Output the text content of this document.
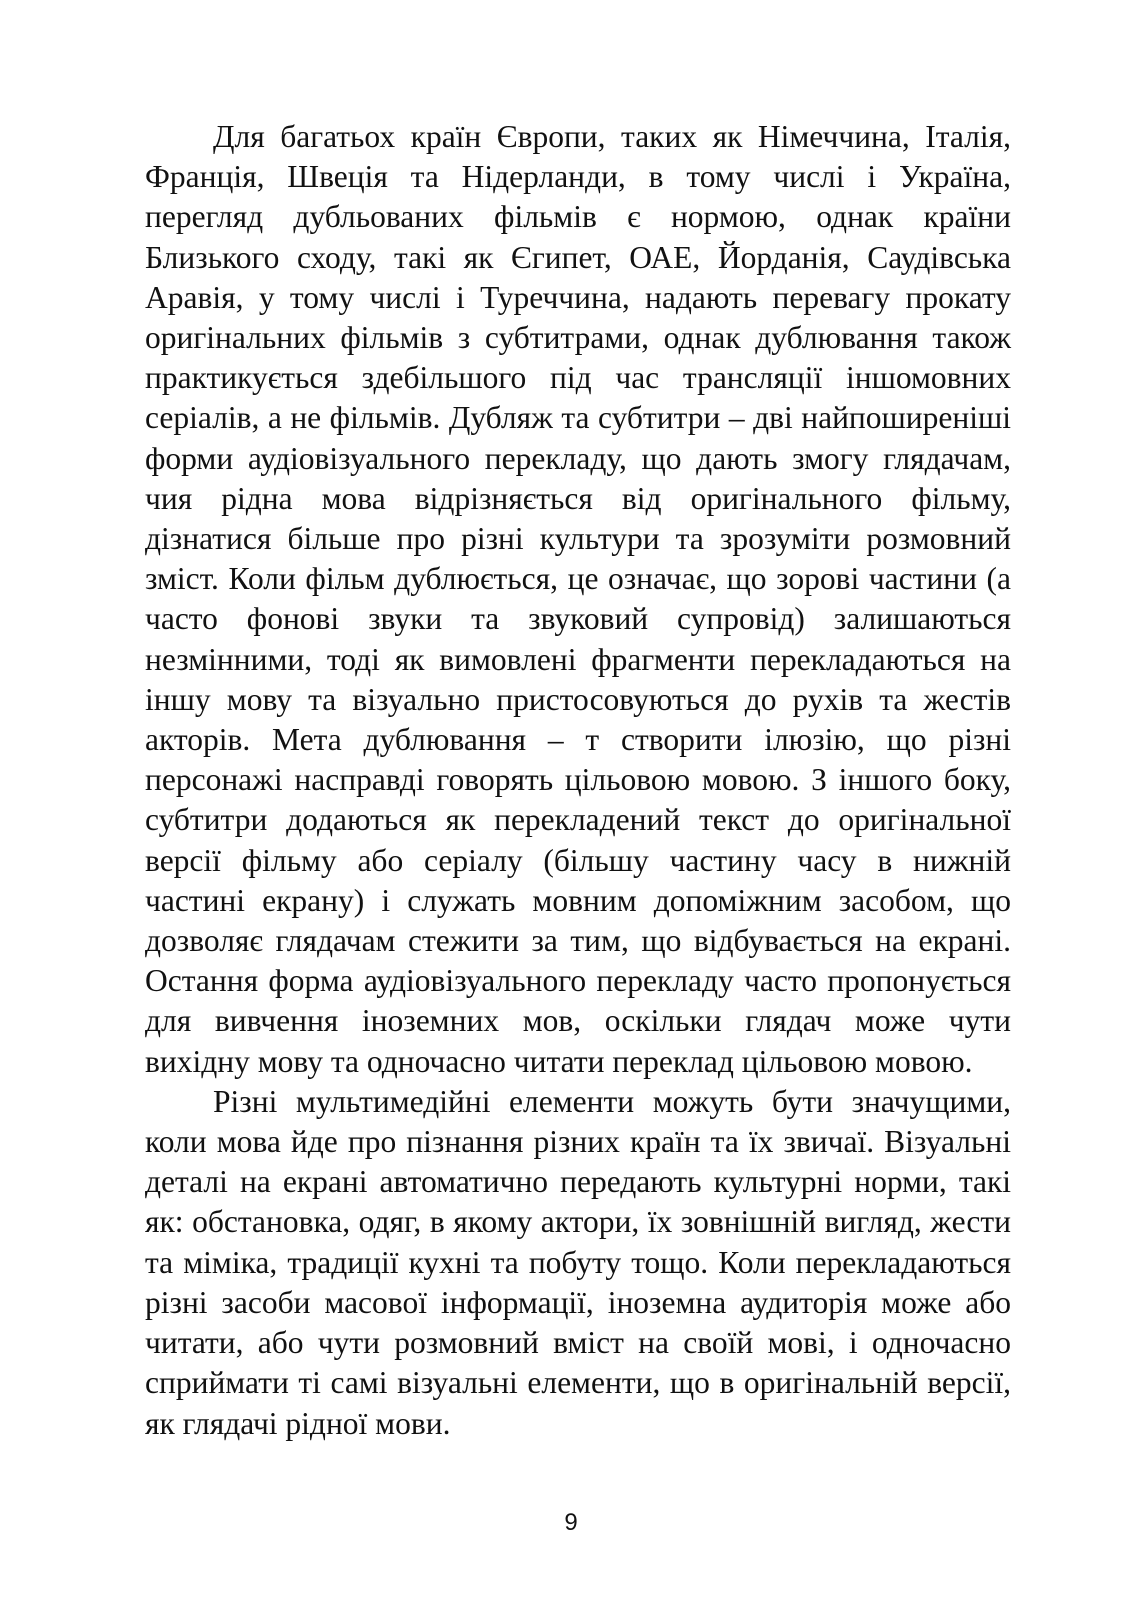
Для багатьох країн Європи, таких як Німеччина, Італія, Франція, Швеція та Нідерланди, в тому числі і Україна, перегляд дубльованих фільмів є нормою, однак країни Близького сходу, такі як Єгипет, ОАЕ, Йорданія, Саудівська Аравія, у тому числі і Туреччина, надають перевагу прокату оригінальних фільмів з субтитрами, однак дублювання також практикується здебільшого під час трансляції іншомовних серіалів, а не фільмів. Дубляж та субтитри – дві найпоширеніші форми аудіовізуального перекладу, що дають змогу глядачам, чия рідна мова відрізняється від оригінального фільму, дізнатися більше про різні культури та зрозуміти розмовний зміст. Коли фільм дублюється, це означає, що зорові частини (а часто фонові звуки та звуковий супровід) залишаються незмінними, тоді як вимовлені фрагменти перекладаються на іншу мову та візуально пристосовуються до рухів та жестів акторів. Мета дублювання – т створити ілюзію, що різні персонажі насправді говорять цільовою мовою. З іншого боку, субтитри додаються як перекладений текст до оригінальної версії фільму або серіалу (більшу частину часу в нижній частині екрану) і служать мовним допоміжним засобом, що дозволяє глядачам стежити за тим, що відбувається на екрані. Остання форма аудіовізуального перекладу часто пропонується для вивчення іноземних мов, оскільки глядач може чути вихідну мову та одночасно читати переклад цільовою мовою.

Різні мультимедійні елементи можуть бути значущими, коли мова йде про пізнання різних країн та їх звичаї. Візуальні деталі на екрані автоматично передають культурні норми, такі як: обстановка, одяг, в якому актори, їх зовнішній вигляд, жести та міміка, традиції кухні та побуту тощо. Коли перекладаються різні засоби масової інформації, іноземна аудиторія може або читати, або чути розмовний вміст на своїй мові, і одночасно сприймати ті самі візуальні елементи, що в оригінальній версії, як глядачі рідної мови.

9
